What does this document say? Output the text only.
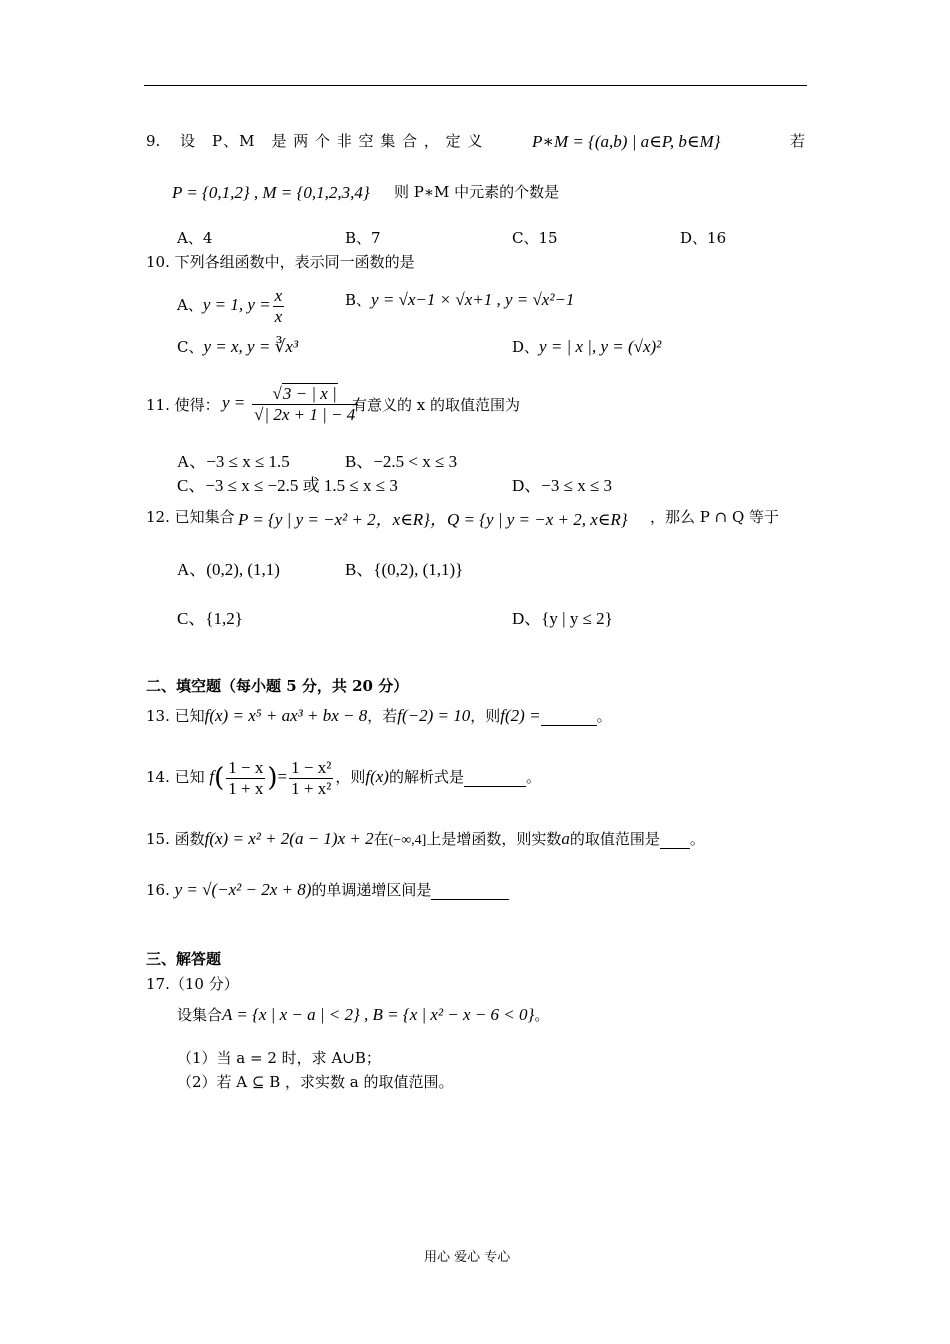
9. 设　P、M　是 两 个 非 空 集 合 ， 定 义	P∗M = {(a,b) | a∈P, b∈M}	若
P = {0,1,2} , M = {0,1,2,3,4} 则 P∗M 中元素的个数是
A、4	B、7	C、15	D、16
10. 下列各组函数中，表示同一函数的是
A、y = 1, $y = \frac{x}{x}$	B、y = √x−1 × √x+1 , y = √x²−1
C、y = x, y = ∛x³	D、y = | x |, y = (√x)²
11. 使得： $y = \frac{√3 - | x |}{√| 2x + 1 | - 4}$
有意义的 x 的取值范围为
A、−3 ≤ x ≤ 1.5	B、−2.5 < x ≤ 3
C、−3 ≤ x ≤ −2.5 或 1.5 ≤ x ≤ 3	D、−3 ≤ x ≤ 3
12. 已知集合 P = {y | y = −x² + 2，x∈R}，Q = {y | y = −x + 2, x∈R} ，那么 P ∩ Q 等于
A、(0,2), (1,1)	B、{(0,2), (1,1)}
C、{1,2}	D、{y | y ≤ 2}
二、填空题（每小题 5 分，共 20 分）
13. 已知f(x) = x⁵ + ax³ + bx − 8，若f(−2) = 10，则f(2) =	。
14. 已知 $f( \frac{1 - x}{1 + x}$ )= $\frac{\text{1 − x²}}{\text{1 + x²}}$ ，则f(x)的解析式是	。
15. 函数f(x) = x² + 2(a − 1)x + 2在(−∞,4]上是增函数，则实数a的取值范围是 。
16. y = √(−x² − 2x + 8)的单调递增区间是
三、解答题
17.（10 分）
设集合A = {x | x − a | < 2} , B = {x | x² − x − 6 < 0}。
（1）当 a = 2 时，求 A∪B；
（2）若 A ⊆ B ，求实数 a 的取值范围。
用心 爱心 专心
